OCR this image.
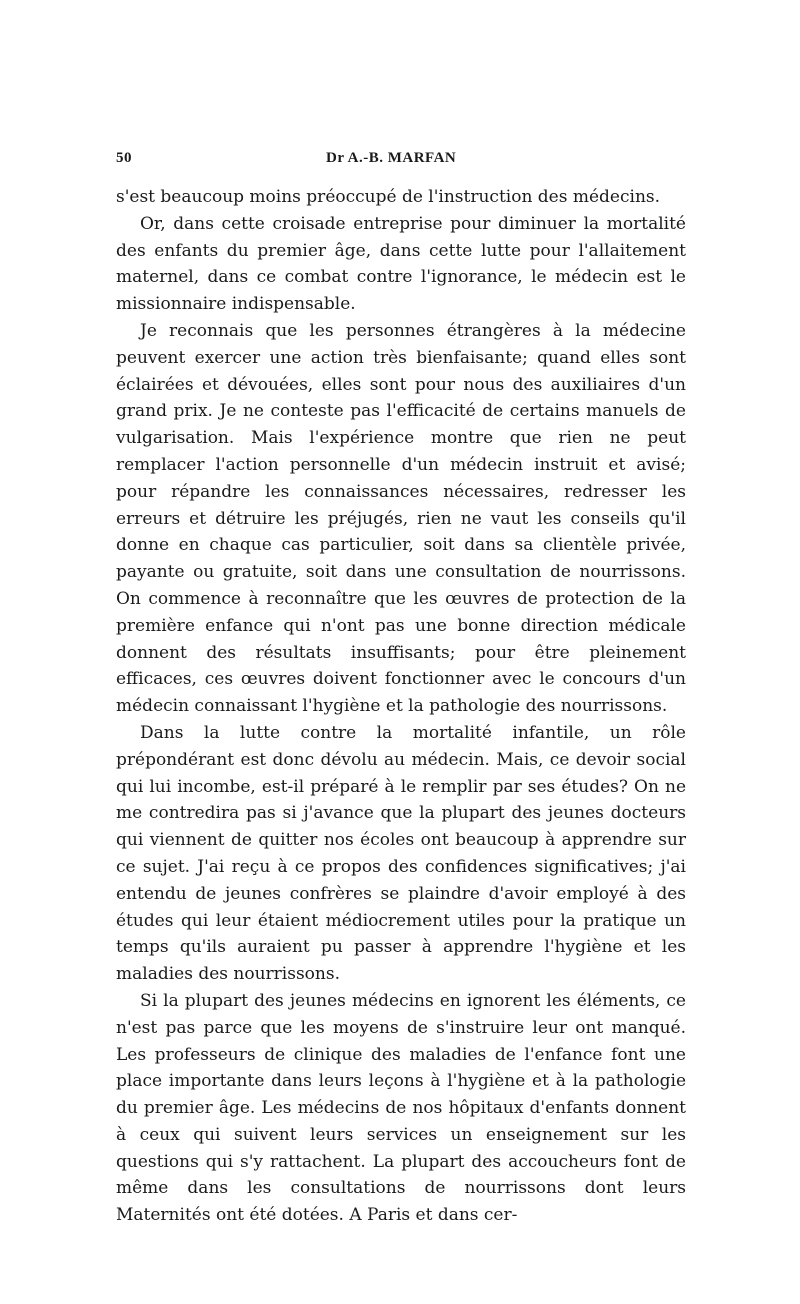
50	Dr A.-B. MARFAN

s'est beaucoup moins préoccupé de l'instruction des médecins.

Or, dans cette croisade entreprise pour diminuer la mortalité des enfants du premier âge, dans cette lutte pour l'allaitement maternel, dans ce combat contre l'ignorance, le médecin est le missionnaire indispensable.

Je reconnais que les personnes étrangères à la médecine peuvent exercer une action très bienfaisante; quand elles sont éclairées et dévouées, elles sont pour nous des auxiliaires d'un grand prix. Je ne conteste pas l'efficacité de certains manuels de vulgarisation. Mais l'expérience montre que rien ne peut remplacer l'action personnelle d'un médecin instruit et avisé; pour répandre les connaissances nécessaires, redresser les erreurs et détruire les préjugés, rien ne vaut les conseils qu'il donne en chaque cas particulier, soit dans sa clientèle privée, payante ou gratuite, soit dans une consultation de nourrissons. On commence à reconnaître que les œuvres de protection de la première enfance qui n'ont pas une bonne direction médicale donnent des résultats insuffisants; pour être pleinement efficaces, ces œuvres doivent fonctionner avec le concours d'un médecin connaissant l'hygiène et la pathologie des nourrissons.

Dans la lutte contre la mortalité infantile, un rôle prépondérant est donc dévolu au médecin. Mais, ce devoir social qui lui incombe, est-il préparé à le remplir par ses études? On ne me contredira pas si j'avance que la plupart des jeunes docteurs qui viennent de quitter nos écoles ont beaucoup à apprendre sur ce sujet. J'ai reçu à ce propos des confidences significatives; j'ai entendu de jeunes confrères se plaindre d'avoir employé à des études qui leur étaient médiocrement utiles pour la pratique un temps qu'ils auraient pu passer à apprendre l'hygiène et les maladies des nourrissons.

Si la plupart des jeunes médecins en ignorent les éléments, ce n'est pas parce que les moyens de s'instruire leur ont manqué. Les professeurs de clinique des maladies de l'enfance font une place importante dans leurs leçons à l'hygiène et à la pathologie du premier âge. Les médecins de nos hôpitaux d'enfants donnent à ceux qui suivent leurs services un enseignement sur les questions qui s'y rattachent. La plupart des accoucheurs font de même dans les consultations de nourrissons dont leurs Maternités ont été dotées. A Paris et dans cer-
